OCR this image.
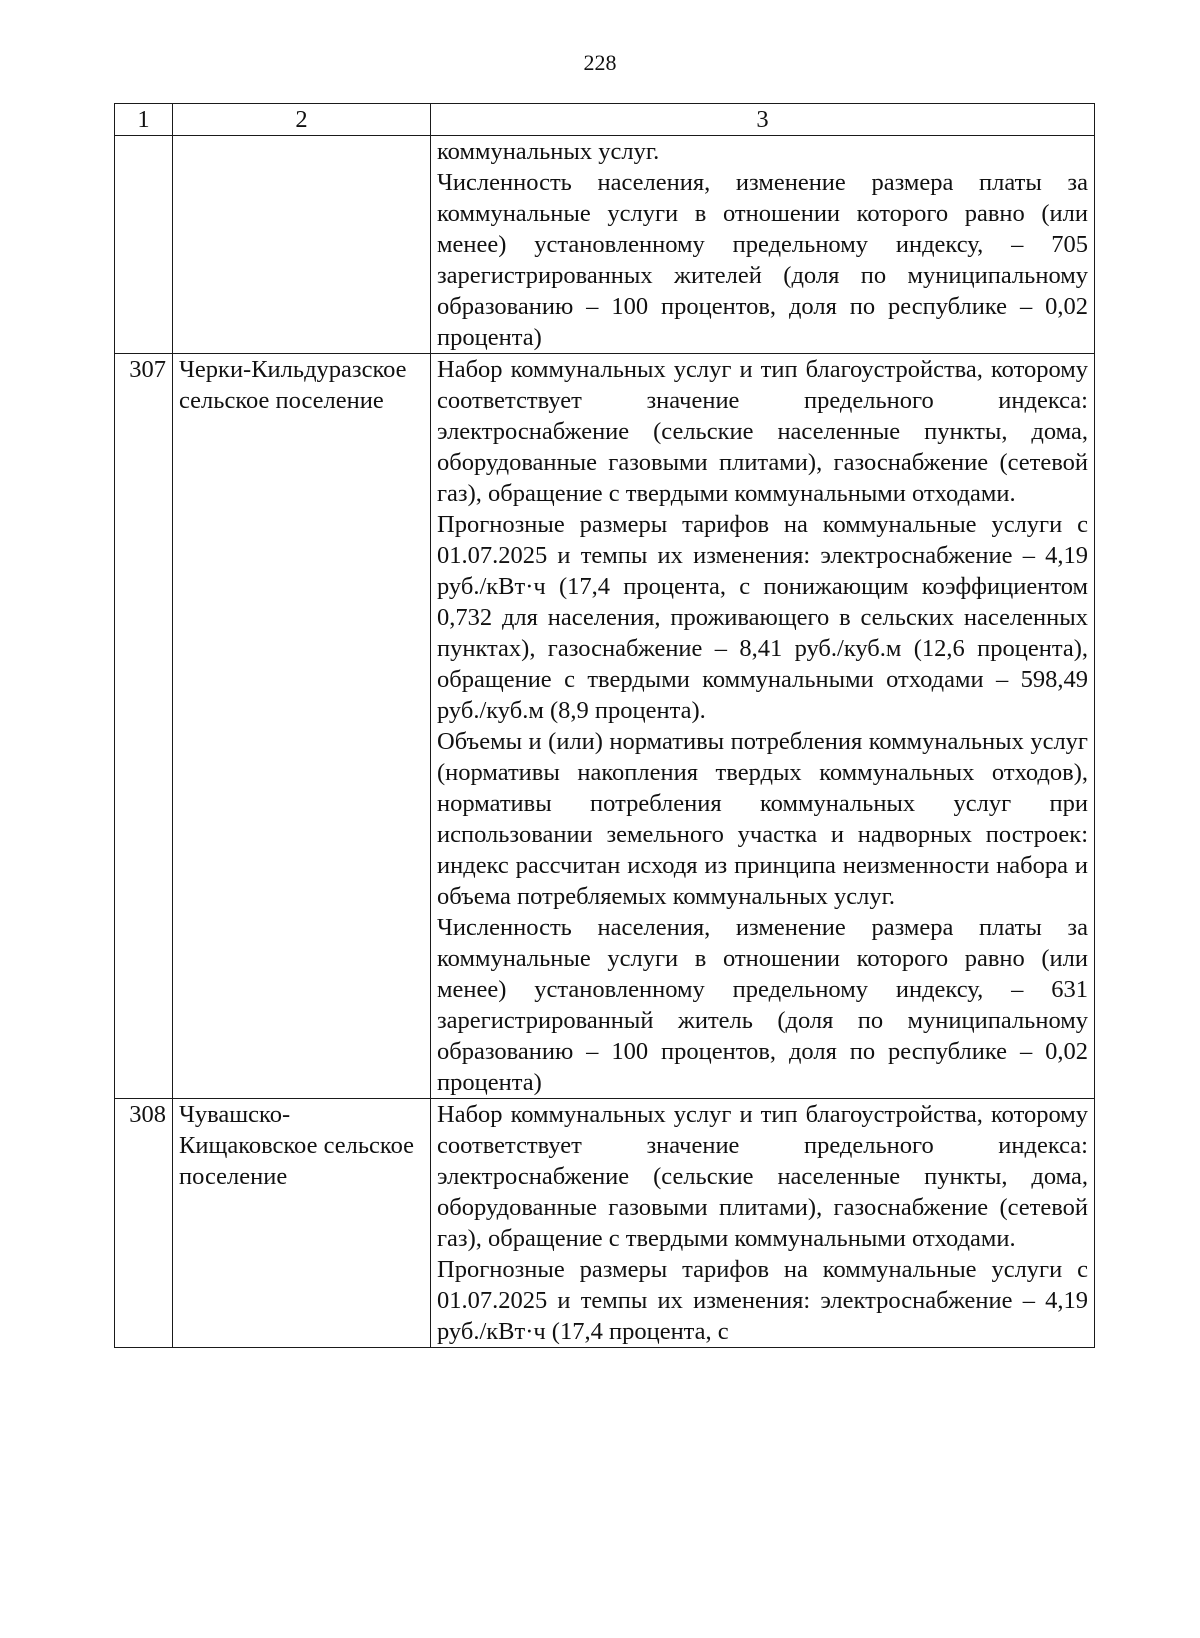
228
1	2	3

		коммунальных услуг.
Численность населения, изменение размера платы за коммунальные услуги в отношении которого равно (или менее) установленному предельному индексу, – 705 зарегистрированных жителей (доля по муниципальному образованию – 100 процентов, доля по республике – 0,02 процента)

307	Черки-Кильдуразское сельское поселение	Набор коммунальных услуг и тип благоустройства, которому соответствует значение предельного индекса: электроснабжение (сельские населенные пункты, дома, оборудованные газовыми плитами), газоснабжение (сетевой газ), обращение с твердыми коммунальными отходами.
Прогнозные размеры тарифов на коммунальные услуги с 01.07.2025 и темпы их изменения: электроснабжение – 4,19 руб./кВт·ч (17,4 процента, с понижающим коэффициентом 0,732 для населения, проживающего в сельских населенных пунктах), газоснабжение – 8,41 руб./куб.м (12,6 процента), обращение с твердыми коммунальными отходами – 598,49 руб./куб.м (8,9 процента).
Объемы и (или) нормативы потребления коммунальных услуг (нормативы накопления твердых коммунальных отходов), нормативы потребления коммунальных услуг при использовании земельного участка и надворных построек: индекс рассчитан исходя из принципа неизменности набора и объема потребляемых коммунальных услуг.
Численность населения, изменение размера платы за коммунальные услуги в отношении которого равно (или менее) установленному предельному индексу, – 631 зарегистрированный житель (доля по муниципальному образованию – 100 процентов, доля по республике – 0,02 процента)

308	Чувашско-Кищаковское сельское поселение	Набор коммунальных услуг и тип благоустройства, которому соответствует значение предельного индекса: электроснабжение (сельские населенные пункты, дома, оборудованные газовыми плитами), газоснабжение (сетевой газ), обращение с твердыми коммунальными отходами.
Прогнозные размеры тарифов на коммунальные услуги с 01.07.2025 и темпы их изменения: электроснабжение – 4,19 руб./кВт·ч (17,4 процента, с
